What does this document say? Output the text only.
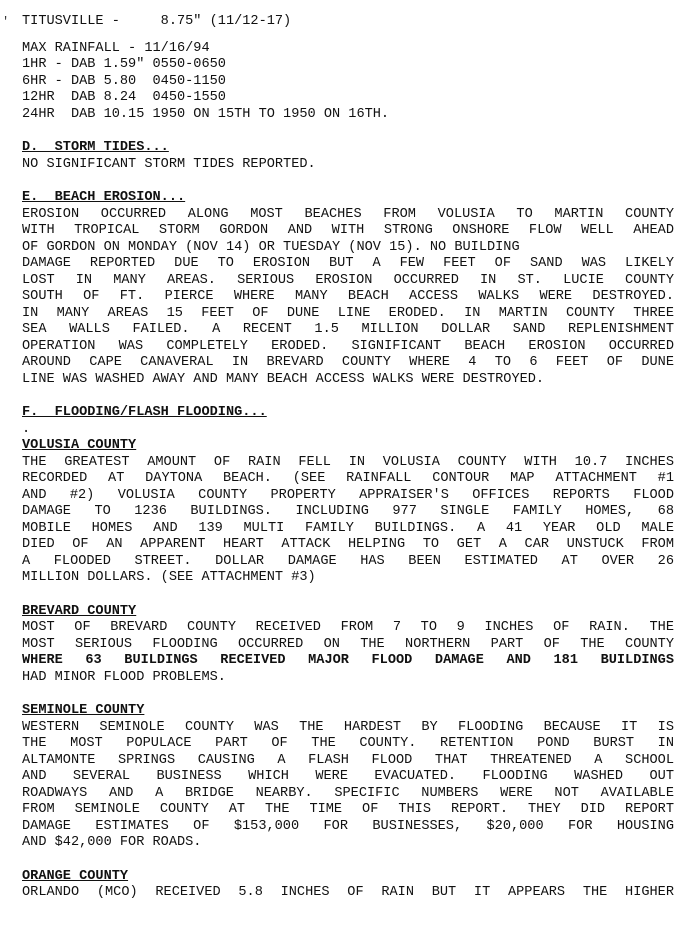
' TITUSVILLE -     8.75" (11/12-17)

MAX RAINFALL - 11/16/94

1HR - DAB 1.59" 0550-0650

6HR - DAB 5.80  0450-1150

12HR  DAB 8.24  0450-1550

24HR  DAB 10.15 1950 ON 15TH TO 1950 ON 16TH.

D.  STORM TIDES...

NO SIGNIFICANT STORM TIDES REPORTED.

E.  BEACH EROSION...

EROSION OCCURRED ALONG MOST BEACHES FROM VOLUSIA TO MARTIN COUNTY

WITH TROPICAL STORM GORDON AND WITH STRONG ONSHORE FLOW WELL AHEAD

OF GORDON ON MONDAY (NOV 14) OR TUESDAY (NOV 15). NO BUILDING

DAMAGE REPORTED DUE TO EROSION BUT A FEW FEET OF SAND WAS LIKELY

LOST IN MANY AREAS. SERIOUS EROSION OCCURRED IN ST. LUCIE COUNTY

SOUTH OF FT. PIERCE WHERE MANY BEACH ACCESS WALKS WERE DESTROYED.

IN MANY AREAS 15 FEET OF DUNE LINE ERODED. IN MARTIN COUNTY THREE

SEA WALLS FAILED. A RECENT 1.5 MILLION DOLLAR SAND REPLENISHMENT

OPERATION WAS COMPLETELY ERODED. SIGNIFICANT BEACH EROSION OCCURRED

AROUND CAPE CANAVERAL IN BREVARD COUNTY WHERE 4 TO 6 FEET OF DUNE

LINE WAS WASHED AWAY AND MANY BEACH ACCESS WALKS WERE DESTROYED.

F.  FLOODING/FLASH FLOODING...

.

VOLUSIA COUNTY

THE GREATEST AMOUNT OF RAIN FELL IN VOLUSIA COUNTY WITH 10.7 INCHES

RECORDED AT DAYTONA BEACH. (SEE RAINFALL CONTOUR MAP ATTACHMENT #1

AND #2) VOLUSIA COUNTY PROPERTY APPRAISER'S OFFICES REPORTS FLOOD

DAMAGE TO 1236 BUILDINGS. INCLUDING 977 SINGLE FAMILY HOMES, 68

MOBILE HOMES AND 139 MULTI FAMILY BUILDINGS. A 41 YEAR OLD MALE

DIED OF AN APPARENT HEART ATTACK HELPING TO GET A CAR UNSTUCK FROM

A FLOODED STREET. DOLLAR DAMAGE HAS BEEN ESTIMATED AT OVER 26

MILLION DOLLARS. (SEE ATTACHMENT #3)

BREVARD COUNTY

MOST OF BREVARD COUNTY RECEIVED FROM 7 TO 9 INCHES OF RAIN. THE

MOST SERIOUS FLOODING OCCURRED ON THE NORTHERN PART OF THE COUNTY

WHERE 63 BUILDINGS RECEIVED MAJOR FLOOD DAMAGE AND 181 BUILDINGS

HAD MINOR FLOOD PROBLEMS.

SEMINOLE COUNTY

WESTERN SEMINOLE COUNTY WAS THE HARDEST BY FLOODING BECAUSE IT IS

THE MOST POPULACE PART OF THE COUNTY. RETENTION POND BURST IN

ALTAMONTE SPRINGS CAUSING A FLASH FLOOD THAT THREATENED A SCHOOL

AND SEVERAL BUSINESS WHICH WERE EVACUATED. FLOODING WASHED OUT

ROADWAYS AND A BRIDGE NEARBY. SPECIFIC NUMBERS WERE NOT AVAILABLE

FROM SEMINOLE COUNTY AT THE TIME OF THIS REPORT. THEY DID REPORT

DAMAGE ESTIMATES OF $153,000 FOR BUSINESSES, $20,000 FOR HOUSING

AND $42,000 FOR ROADS.

ORANGE COUNTY

ORLANDO (MCO) RECEIVED 5.8 INCHES OF RAIN BUT IT APPEARS THE HIGHER
